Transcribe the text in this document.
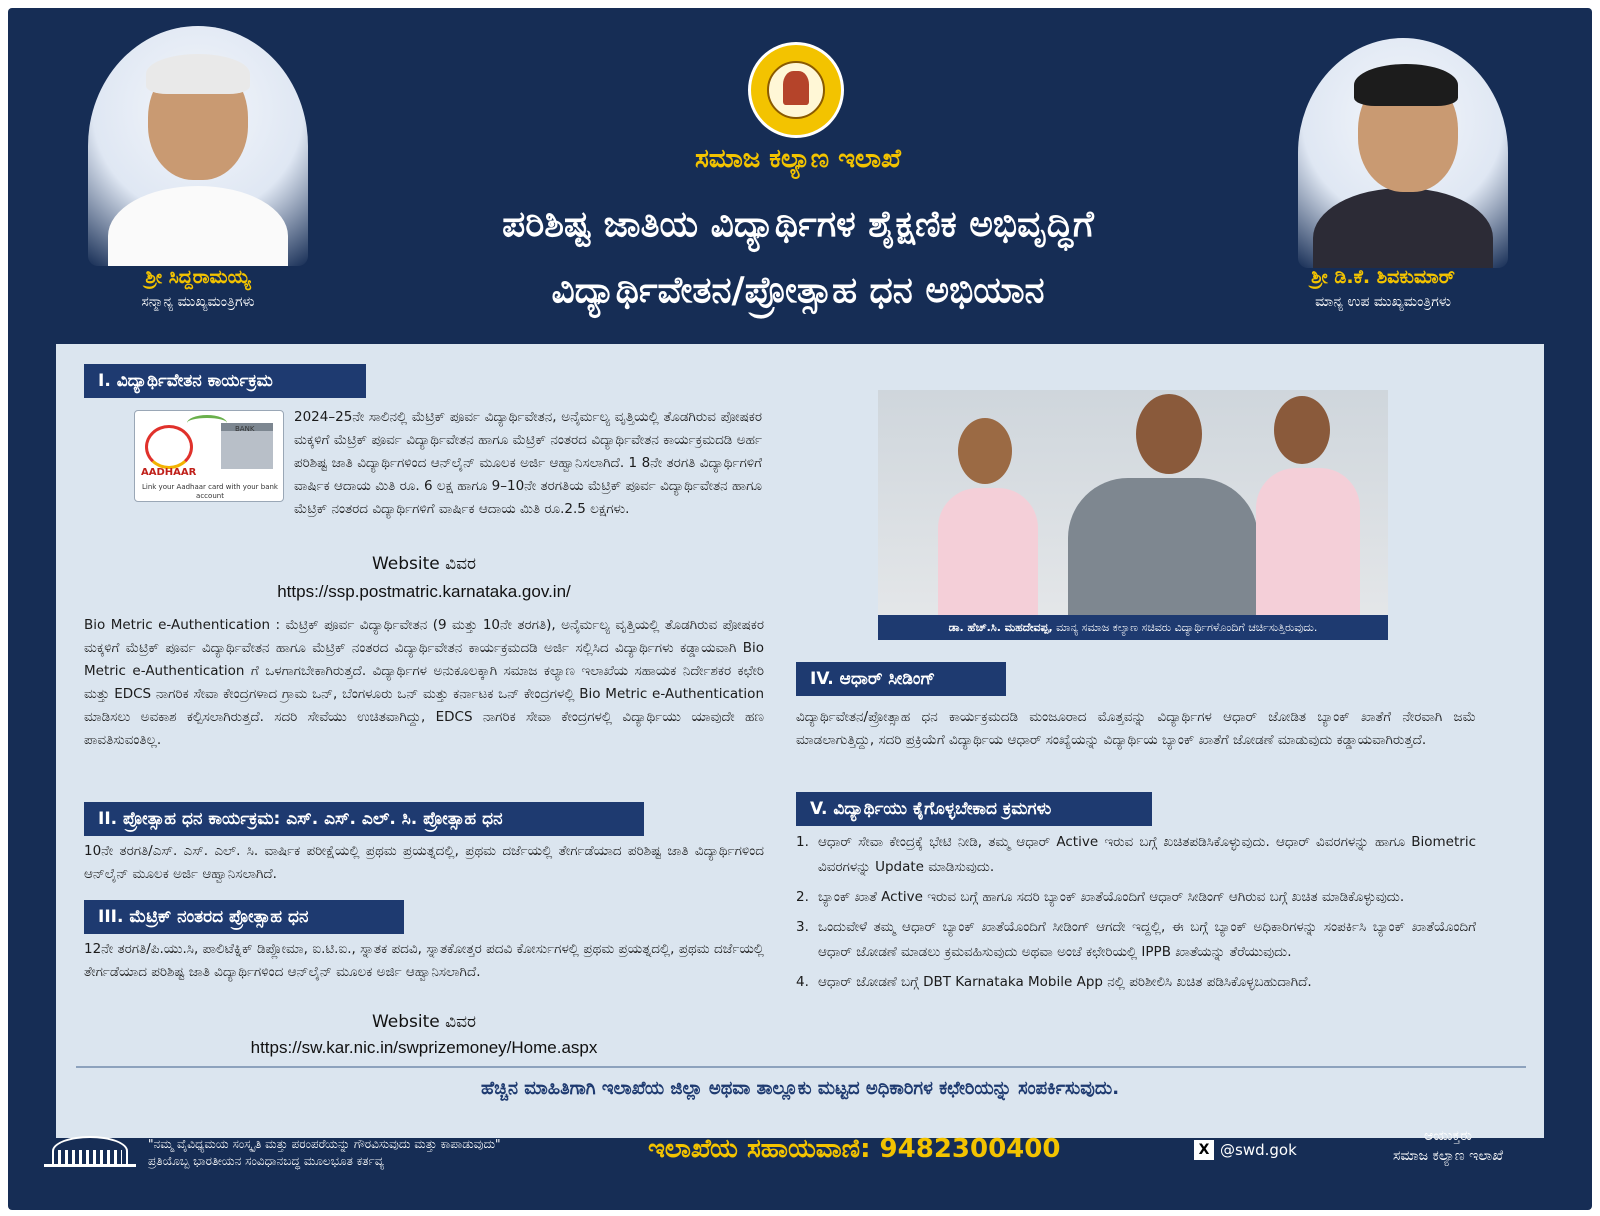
ಶ್ರೀ ಸಿದ್ದರಾಮಯ್ಯ
ಸನ್ಮಾನ್ಯ ಮುಖ್ಯಮಂತ್ರಿಗಳು
ಸಮಾಜ ಕಲ್ಯಾಣ ಇಲಾಖೆ
ಪರಿಶಿಷ್ಟ ಜಾತಿಯ ವಿದ್ಯಾರ್ಥಿಗಳ ಶೈಕ್ಷಣಿಕ ಅಭಿವೃದ್ಧಿಗೆ
ವಿದ್ಯಾರ್ಥಿವೇತನ/ಪ್ರೋತ್ಸಾಹ ಧನ ಅಭಿಯಾನ	ಶ್ರೀ ಡಿ.ಕೆ. ಶಿವಕುಮಾರ್
ಮಾನ್ಯ ಉಪ ಮುಖ್ಯಮಂತ್ರಿಗಳು
I. ವಿದ್ಯಾರ್ಥಿವೇತನ ಕಾರ್ಯಕ್ರಮ
AADHAAR
BANK
Link your Aadhaar card with your bank account
2024–25ನೇ ಸಾಲಿನಲ್ಲಿ ಮೆಟ್ರಿಕ್ ಪೂರ್ವ ವಿದ್ಯಾರ್ಥಿವೇತನ, ಅನೈರ್ಮಲ್ಯ ವೃತ್ತಿಯಲ್ಲಿ ತೊಡಗಿರುವ ಪೋಷಕರ ಮಕ್ಕಳಿಗೆ ಮೆಟ್ರಿಕ್ ಪೂರ್ವ ವಿದ್ಯಾರ್ಥಿವೇತನ ಹಾಗೂ ಮೆಟ್ರಿಕ್ ನಂತರದ ವಿದ್ಯಾರ್ಥಿವೇತನ ಕಾರ್ಯಕ್ರಮದಡಿ ಅರ್ಹ ಪರಿಶಿಷ್ಟ ಜಾತಿ ವಿದ್ಯಾರ್ಥಿಗಳಿಂದ ಆನ್‌ಲೈನ್ ಮೂಲಕ ಅರ್ಜಿ ಆಹ್ವಾನಿಸಲಾಗಿದೆ. 1 8ನೇ ತರಗತಿ ವಿದ್ಯಾರ್ಥಿಗಳಿಗೆ ವಾರ್ಷಿಕ ಆದಾಯ ಮಿತಿ ರೂ. 6 ಲಕ್ಷ ಹಾಗೂ 9–10ನೇ ತರಗತಿಯ ಮೆಟ್ರಿಕ್ ಪೂರ್ವ ವಿದ್ಯಾರ್ಥಿವೇತನ ಹಾಗೂ ಮೆಟ್ರಿಕ್ ನಂತರದ ವಿದ್ಯಾರ್ಥಿಗಳಿಗೆ ವಾರ್ಷಿಕ ಆದಾಯ ಮಿತಿ ರೂ.2.5 ಲಕ್ಷಗಳು.
Website ವಿವರ
https://ssp.postmatric.karnataka.gov.in/
Bio Metric e-Authentication : ಮೆಟ್ರಿಕ್ ಪೂರ್ವ ವಿದ್ಯಾರ್ಥಿವೇತನ (9 ಮತ್ತು 10ನೇ ತರಗತಿ), ಅನೈರ್ಮಲ್ಯ ವೃತ್ತಿಯಲ್ಲಿ ತೊಡಗಿರುವ ಪೋಷಕರ ಮಕ್ಕಳಿಗೆ ಮೆಟ್ರಿಕ್ ಪೂರ್ವ ವಿದ್ಯಾರ್ಥಿವೇತನ ಹಾಗೂ ಮೆಟ್ರಿಕ್ ನಂತರದ ವಿದ್ಯಾರ್ಥಿವೇತನ ಕಾರ್ಯಕ್ರಮದಡಿ ಅರ್ಜಿ ಸಲ್ಲಿಸಿದ ವಿದ್ಯಾರ್ಥಿಗಳು ಕಡ್ಡಾಯವಾಗಿ Bio Metric e-Authentication ಗೆ ಒಳಗಾಗಬೇಕಾಗಿರುತ್ತದೆ. ವಿದ್ಯಾರ್ಥಿಗಳ ಅನುಕೂಲಕ್ಕಾಗಿ ಸಮಾಜ ಕಲ್ಯಾಣ ಇಲಾಖೆಯ ಸಹಾಯಕ ನಿರ್ದೇಶಕರ ಕಛೇರಿ ಮತ್ತು EDCS ನಾಗರಿಕ ಸೇವಾ ಕೇಂದ್ರಗಳಾದ ಗ್ರಾಮ ಒನ್, ಬೆಂಗಳೂರು ಒನ್ ಮತ್ತು ಕರ್ನಾಟಕ ಒನ್ ಕೇಂದ್ರಗಳಲ್ಲಿ Bio Metric e-Authentication ಮಾಡಿಸಲು ಅವಕಾಶ ಕಲ್ಪಿಸಲಾಗಿರುತ್ತದೆ. ಸದರಿ ಸೇವೆಯು ಉಚಿತವಾಗಿದ್ದು, EDCS ನಾಗರಿಕ ಸೇವಾ ಕೇಂದ್ರಗಳಲ್ಲಿ ವಿದ್ಯಾರ್ಥಿಯು ಯಾವುದೇ ಹಣ ಪಾವತಿಸುವಂತಿಲ್ಲ.
II. ಪ್ರೋತ್ಸಾಹ ಧನ ಕಾರ್ಯಕ್ರಮ: ಎಸ್. ಎಸ್. ಎಲ್. ಸಿ. ಪ್ರೋತ್ಸಾಹ ಧನ
10ನೇ ತರಗತಿ/ಎಸ್. ಎಸ್. ಎಲ್. ಸಿ. ವಾರ್ಷಿಕ ಪರೀಕ್ಷೆಯಲ್ಲಿ ಪ್ರಥಮ ಪ್ರಯತ್ನದಲ್ಲಿ, ಪ್ರಥಮ ದರ್ಜೆಯಲ್ಲಿ ತೇರ್ಗಡೆಯಾದ ಪರಿಶಿಷ್ಟ ಜಾತಿ ವಿದ್ಯಾರ್ಥಿಗಳಿಂದ ಆನ್‌ಲೈನ್ ಮೂಲಕ ಅರ್ಜಿ ಆಹ್ವಾನಿಸಲಾಗಿದೆ.
III. ಮೆಟ್ರಿಕ್ ನಂತರದ ಪ್ರೋತ್ಸಾಹ ಧನ
12ನೇ ತರಗತಿ/ಪಿ.ಯು.ಸಿ, ಪಾಲಿಟೆಕ್ನಿಕ್ ಡಿಪ್ಲೋಮಾ, ಐ.ಟಿ.ಐ., ಸ್ನಾತಕ ಪದವಿ, ಸ್ನಾತಕೋತ್ತರ ಪದವಿ ಕೋರ್ಸುಗಳಲ್ಲಿ ಪ್ರಥಮ ಪ್ರಯತ್ನದಲ್ಲಿ, ಪ್ರಥಮ ದರ್ಜೆಯಲ್ಲಿ ತೇರ್ಗಡೆಯಾದ ಪರಿಶಿಷ್ಟ ಜಾತಿ ವಿದ್ಯಾರ್ಥಿಗಳಿಂದ ಆನ್‌ಲೈನ್ ಮೂಲಕ ಅರ್ಜಿ ಆಹ್ವಾನಿಸಲಾಗಿದೆ.
Website ವಿವರ
https://sw.kar.nic.in/swprizemoney/Home.aspx
ಡಾ. ಹೆಚ್.ಸಿ. ಮಹದೇವಪ್ಪ, ಮಾನ್ಯ ಸಮಾಜ ಕಲ್ಯಾಣ ಸಚಿವರು ವಿದ್ಯಾರ್ಥಿಗಳೊಂದಿಗೆ ಚರ್ಚಿಸುತ್ತಿರುವುದು.
IV. ಆಧಾರ್ ಸೀಡಿಂಗ್
ವಿದ್ಯಾರ್ಥಿವೇತನ/ಪ್ರೋತ್ಸಾಹ ಧನ ಕಾರ್ಯಕ್ರಮದಡಿ ಮಂಜೂರಾದ ಮೊತ್ತವನ್ನು ವಿದ್ಯಾರ್ಥಿಗಳ ಆಧಾರ್ ಜೋಡಿತ ಬ್ಯಾಂಕ್ ಖಾತೆಗೆ ನೇರವಾಗಿ ಜಮೆ ಮಾಡಲಾಗುತ್ತಿದ್ದು, ಸದರಿ ಪ್ರಕ್ರಿಯೆಗೆ ವಿದ್ಯಾರ್ಥಿಯ ಆಧಾರ್ ಸಂಖ್ಯೆಯನ್ನು ವಿದ್ಯಾರ್ಥಿಯ ಬ್ಯಾಂಕ್ ಖಾತೆಗೆ ಜೋಡಣೆ ಮಾಡುವುದು ಕಡ್ಡಾಯವಾಗಿರುತ್ತದೆ.
V. ವಿದ್ಯಾರ್ಥಿಯು ಕೈಗೊಳ್ಳಬೇಕಾದ ಕ್ರಮಗಳು
1. ಆಧಾರ್ ಸೇವಾ ಕೇಂದ್ರಕ್ಕೆ ಭೇಟಿ ನೀಡಿ, ತಮ್ಮ ಆಧಾರ್ Active ಇರುವ ಬಗ್ಗೆ ಖಚಿತಪಡಿಸಿಕೊಳ್ಳುವುದು. ಆಧಾರ್ ವಿವರಗಳನ್ನು ಹಾಗೂ Biometric ವಿವರಗಳನ್ನು Update ಮಾಡಿಸುವುದು.
2. ಬ್ಯಾಂಕ್ ಖಾತೆ Active ಇರುವ ಬಗ್ಗೆ ಹಾಗೂ ಸದರಿ ಬ್ಯಾಂಕ್ ಖಾತೆಯೊಂದಿಗೆ ಆಧಾರ್ ಸೀಡಿಂಗ್ ಆಗಿರುವ ಬಗ್ಗೆ ಖಚಿತ ಮಾಡಿಕೊಳ್ಳುವುದು.
3. ಒಂದುವೇಳೆ ತಮ್ಮ ಆಧಾರ್ ಬ್ಯಾಂಕ್ ಖಾತೆಯೊಂದಿಗೆ ಸೀಡಿಂಗ್ ಆಗದೇ ಇದ್ದಲ್ಲಿ, ಈ ಬಗ್ಗೆ ಬ್ಯಾಂಕ್ ಅಧಿಕಾರಿಗಳನ್ನು ಸಂಪರ್ಕಿಸಿ ಬ್ಯಾಂಕ್ ಖಾತೆಯೊಂದಿಗೆ ಆಧಾರ್ ಜೋಡಣೆ ಮಾಡಲು ಕ್ರಮವಹಿಸುವುದು ಅಥವಾ ಅಂಚೆ ಕಛೇರಿಯಲ್ಲಿ IPPB ಖಾತೆಯನ್ನು ತೆರೆಯುವುದು.
4. ಆಧಾರ್ ಜೋಡಣೆ ಬಗ್ಗೆ DBT Karnataka Mobile App ನಲ್ಲಿ ಪರಿಶೀಲಿಸಿ ಖಚಿತ ಪಡಿಸಿಕೊಳ್ಳಬಹುದಾಗಿದೆ.
ಹೆಚ್ಚಿನ ಮಾಹಿತಿಗಾಗಿ ಇಲಾಖೆಯ ಜಿಲ್ಲಾ ಅಥವಾ ತಾಲ್ಲೂಕು ಮಟ್ಟದ ಅಧಿಕಾರಿಗಳ ಕಛೇರಿಯನ್ನು ಸಂಪರ್ಕಿಸುವುದು.
"ನಮ್ಮ ವೈವಿಧ್ಯಮಯ ಸಂಸ್ಕೃತಿ ಮತ್ತು ಪರಂಪರೆಯನ್ನು ಗೌರವಿಸುವುದು ಮತ್ತು ಕಾಪಾಡುವುದು"
ಪ್ರತಿಯೊಬ್ಬ ಭಾರತೀಯನ ಸಂವಿಧಾನಬದ್ಧ ಮೂಲಭೂತ ಕರ್ತವ್ಯ	ಇಲಾಖೆಯ ಸಹಾಯವಾಣಿ: 9482300400	X @swd.gok
ಆಯುಕ್ತರು
ಸಮಾಜ ಕಲ್ಯಾಣ ಇಲಾಖೆ
